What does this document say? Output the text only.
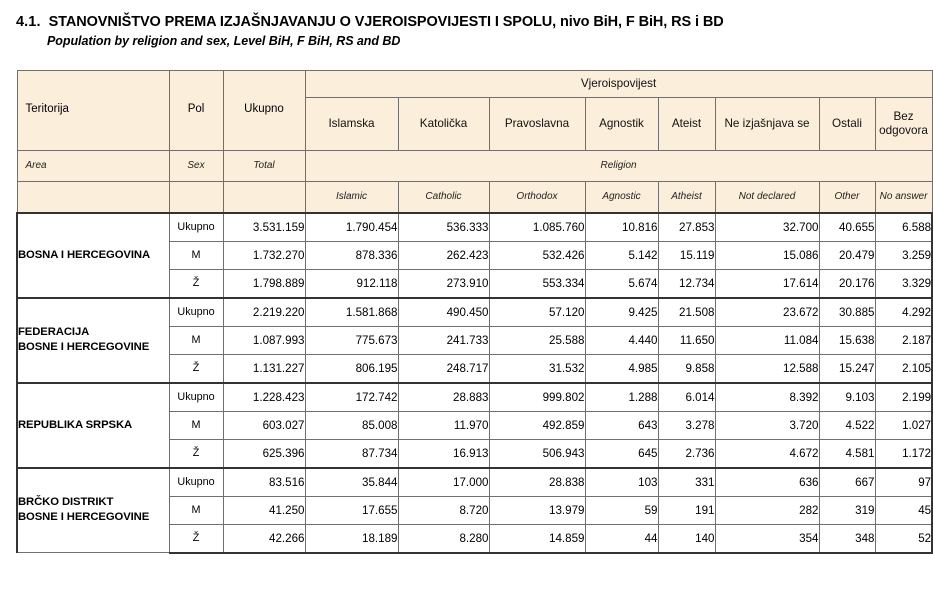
4.1. STANOVNIŠTVO PREMA IZJAŠNJAVANJU O VJEROISPOVIJESTI I SPOLU, nivo BiH, F BiH, RS i BD
Population by religion and sex, Level BiH, F BiH, RS and BD
Teritorija	Pol	Ukupno	Vjeroispovijest							
			Islamska	Katolička	Pravoslavna	Agnostik	Ateist	Ne izjašnjava se	Ostali	Bez odgovora
Area	Sex	Total	Religion							
			Islamic	Catholic	Orthodox	Agnostic	Atheist	Not declared	Other	No answer
BOSNA I HERCEGOVINA	Ukupno	3.531.159	1.790.454	536.333	1.085.760	10.816	27.853	32.700	40.655	6.588
	M	1.732.270	878.336	262.423	532.426	5.142	15.119	15.086	20.479	3.259
	Ž	1.798.889	912.118	273.910	553.334	5.674	12.734	17.614	20.176	3.329
FEDERACIJA
BOSNE I HERCEGOVINE	Ukupno	2.219.220	1.581.868	490.450	57.120	9.425	21.508	23.672	30.885	4.292
	M	1.087.993	775.673	241.733	25.588	4.440	11.650	11.084	15.638	2.187
	Ž	1.131.227	806.195	248.717	31.532	4.985	9.858	12.588	15.247	2.105
REPUBLIKA SRPSKA	Ukupno	1.228.423	172.742	28.883	999.802	1.288	6.014	8.392	9.103	2.199
	M	603.027	85.008	11.970	492.859	643	3.278	3.720	4.522	1.027
	Ž	625.396	87.734	16.913	506.943	645	2.736	4.672	4.581	1.172
BRČKO DISTRIKT
BOSNE I HERCEGOVINE	Ukupno	83.516	35.844	17.000	28.838	103	331	636	667	97
	M	41.250	17.655	8.720	13.979	59	191	282	319	45
	Ž	42.266	18.189	8.280	14.859	44	140	354	348	52
